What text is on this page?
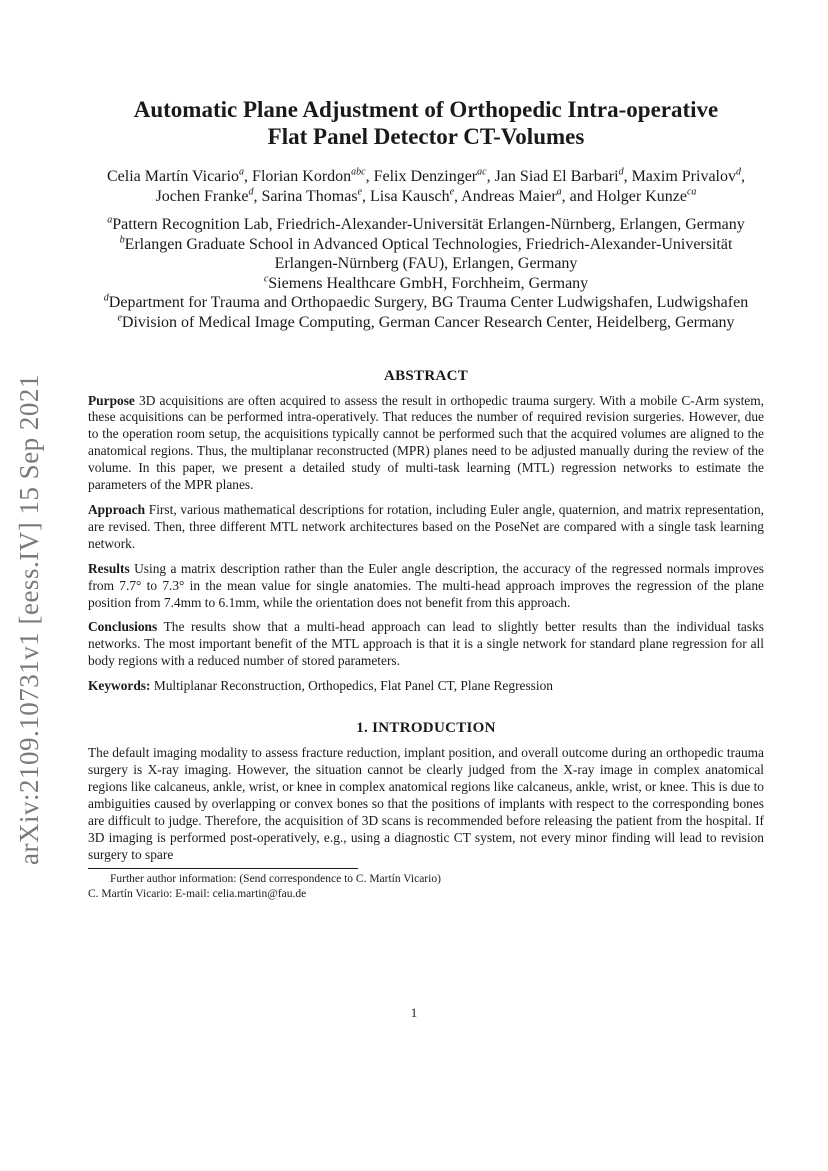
arXiv:2109.10731v1 [eess.IV] 15 Sep 2021
Automatic Plane Adjustment of Orthopedic Intra-operative
Flat Panel Detector CT-Volumes
Celia Martín Vicario$^a$, Florian Kordon$^{abc}$, Felix Denzinger$^{ac}$, Jan Siad El Barbari$^d$, Maxim Privalov$^d$, Jochen Franke$^d$, Sarina Thomas$^e$, Lisa Kausch$^e$, Andreas Maier$^a$, and Holger Kunze$^{ca}$
$^a$Pattern Recognition Lab, Friedrich-Alexander-Universität Erlangen-Nürnberg, Erlangen, Germany
$^b$Erlangen Graduate School in Advanced Optical Technologies, Friedrich-Alexander-Universität Erlangen-Nürnberg (FAU), Erlangen, Germany
$^c$Siemens Healthcare GmbH, Forchheim, Germany
$^d$Department for Trauma and Orthopaedic Surgery, BG Trauma Center Ludwigshafen, Ludwigshafen
$^e$Division of Medical Image Computing, German Cancer Research Center, Heidelberg, Germany
ABSTRACT

Purpose 3D acquisitions are often acquired to assess the result in orthopedic trauma surgery. With a mobile C-Arm system, these acquisitions can be performed intra-operatively. That reduces the number of required revision surgeries. However, due to the operation room setup, the acquisitions typically cannot be performed such that the acquired volumes are aligned to the anatomical regions. Thus, the multiplanar reconstructed (MPR) planes need to be adjusted manually during the review of the volume. In this paper, we present a detailed study of multi-task learning (MTL) regression networks to estimate the parameters of the MPR planes.

Approach First, various mathematical descriptions for rotation, including Euler angle, quaternion, and matrix representation, are revised. Then, three different MTL network architectures based on the PoseNet are compared with a single task learning network.

Results Using a matrix description rather than the Euler angle description, the accuracy of the regressed normals improves from 7.7° to 7.3° in the mean value for single anatomies. The multi-head approach improves the regression of the plane position from 7.4mm to 6.1mm, while the orientation does not benefit from this approach.

Conclusions The results show that a multi-head approach can lead to slightly better results than the individual tasks networks. The most important benefit of the MTL approach is that it is a single network for standard plane regression for all body regions with a reduced number of stored parameters.

Keywords: Multiplanar Reconstruction, Orthopedics, Flat Panel CT, Plane Regression

1. INTRODUCTION

The default imaging modality to assess fracture reduction, implant position, and overall outcome during an orthopedic trauma surgery is X-ray imaging. However, the situation cannot be clearly judged from the X-ray image in complex anatomical regions like calcaneus, ankle, wrist, or knee in complex anatomical regions like calcaneus, ankle, wrist, or knee. This is due to ambiguities caused by overlapping or convex bones so that the positions of implants with respect to the corresponding bones are difficult to judge. Therefore, the acquisition of 3D scans is recommended before releasing the patient from the hospital. If 3D imaging is performed post-operatively, e.g., using a diagnostic CT system, not every minor finding will lead to revision surgery to spare

Further author information: (Send correspondence to C. Martín Vicario)
C. Martín Vicario: E-mail: celia.martin@fau.de
1
